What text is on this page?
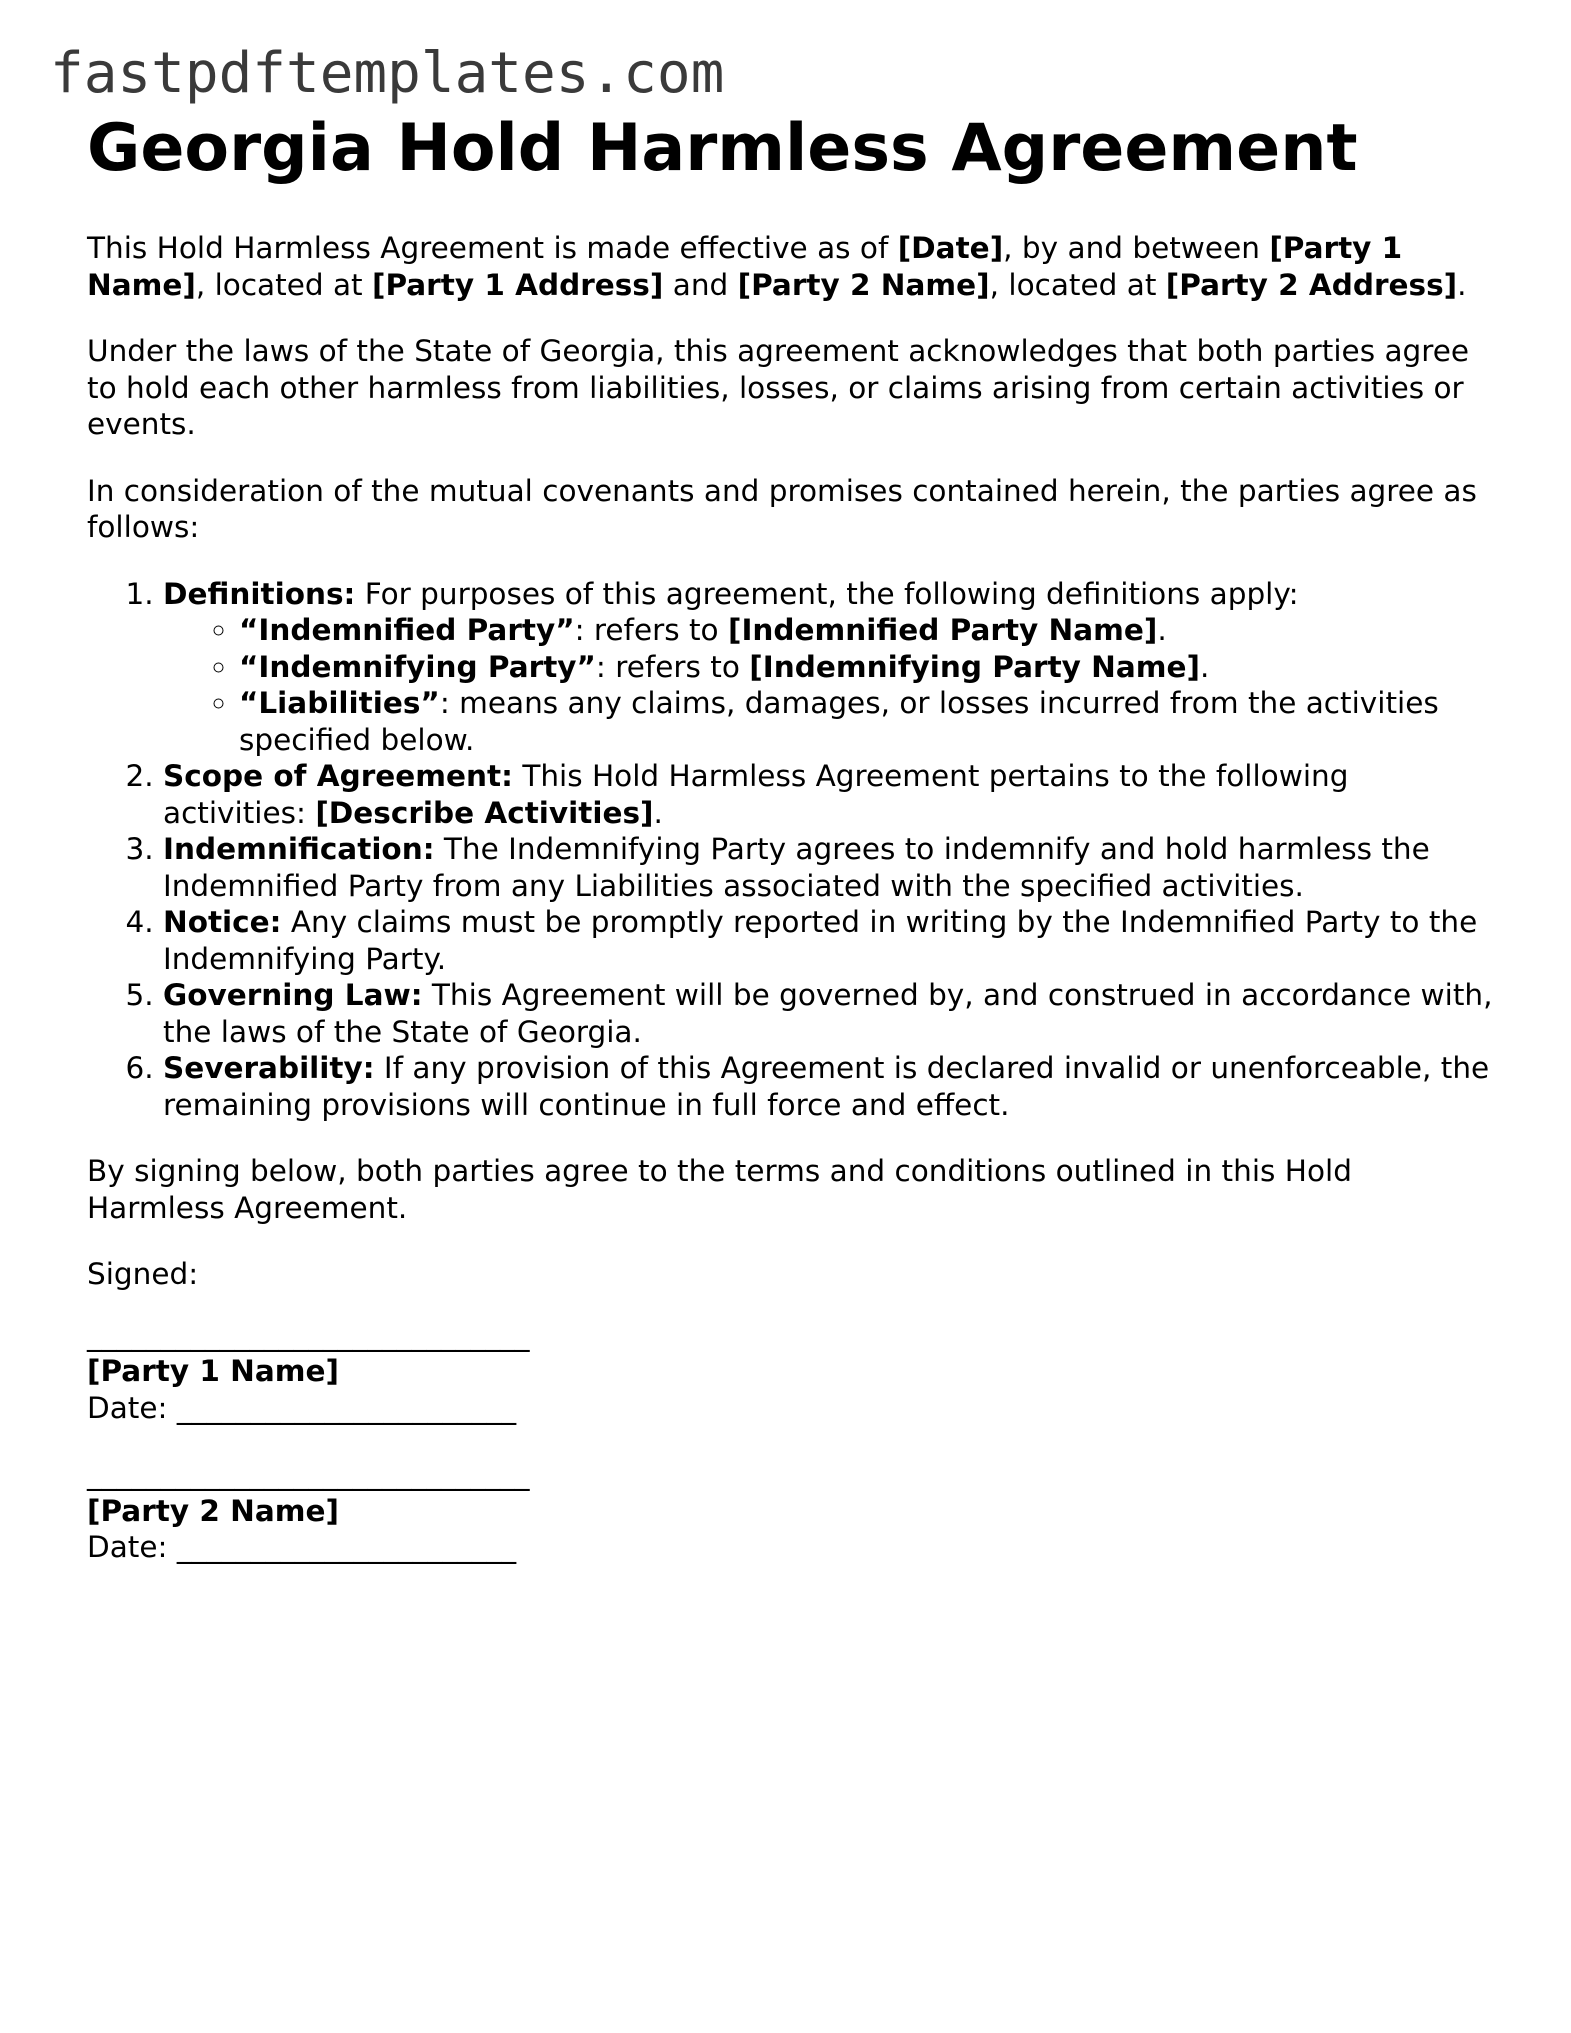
fastpdftemplates.com
Georgia Hold Harmless Agreement

This Hold Harmless Agreement is made effective as of [Date], by and between [Party 1 Name], located at [Party 1 Address] and [Party 2 Name], located at [Party 2 Address].

Under the laws of the State of Georgia, this agreement acknowledges that both parties agree to hold each other harmless from liabilities, losses, or claims arising from certain activities or events.

In consideration of the mutual covenants and promises contained herein, the parties agree as follows:

1. Definitions: For purposes of this agreement, the following definitions apply:
◦ “Indemnified Party”: refers to [Indemnified Party Name].
◦ “Indemnifying Party”: refers to [Indemnifying Party Name].
◦ “Liabilities”: means any claims, damages, or losses incurred from the activities specified below.
2. Scope of Agreement: This Hold Harmless Agreement pertains to the following activities: [Describe Activities].
3. Indemnification: The Indemnifying Party agrees to indemnify and hold harmless the Indemnified Party from any Liabilities associated with the specified activities.
4. Notice: Any claims must be promptly reported in writing by the Indemnified Party to the Indemnifying Party.
5. Governing Law: This Agreement will be governed by, and construed in accordance with, the laws of the State of Georgia.
6. Severability: If any provision of this Agreement is declared invalid or unenforceable, the remaining provisions will continue in full force and effect.

By signing below, both parties agree to the terms and conditions outlined in this Hold Harmless Agreement.

Signed:

______________________________
[Party 1 Name]
Date: _______________________
______________________________
[Party 2 Name]
Date: _______________________
